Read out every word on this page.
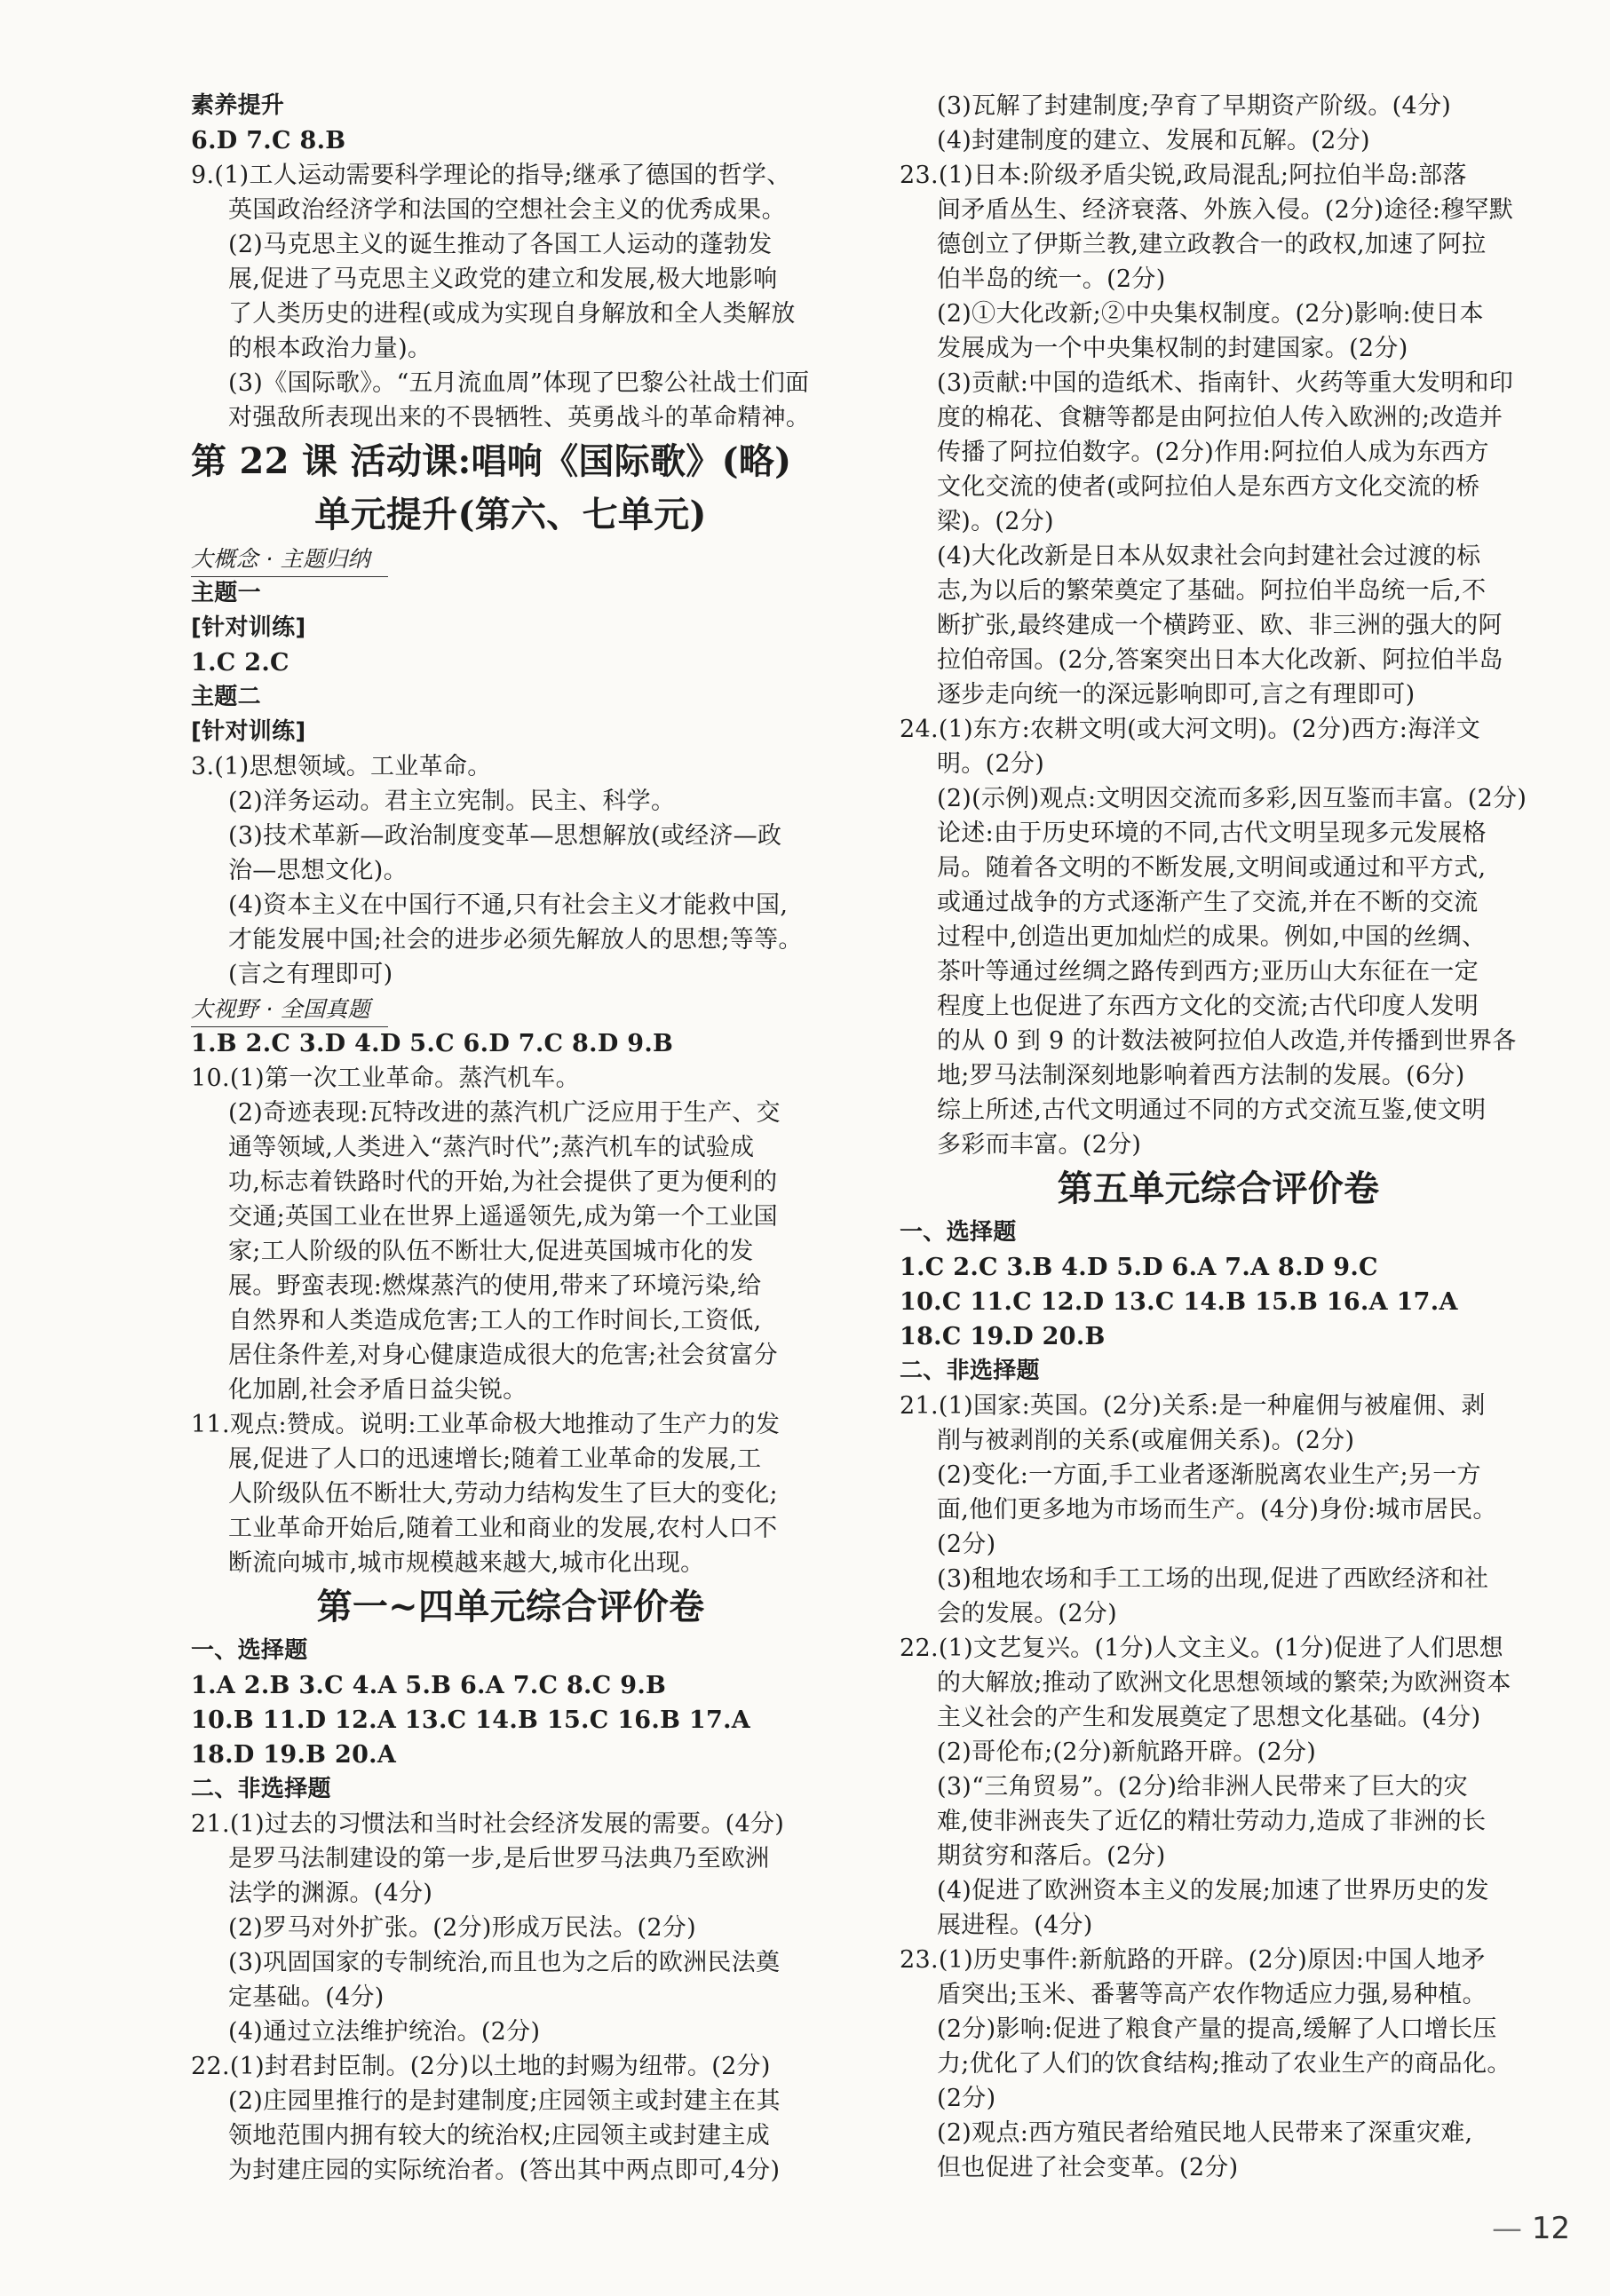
素养提升
6.D 7.C 8.B
9.(1)工人运动需要科学理论的指导;继承了德国的哲学、
英国政治经济学和法国的空想社会主义的优秀成果。
(2)马克思主义的诞生推动了各国工人运动的蓬勃发
展,促进了马克思主义政党的建立和发展,极大地影响
了人类历史的进程(或成为实现自身解放和全人类解放
的根本政治力量)。
(3)《国际歌》。“五月流血周”体现了巴黎公社战士们面
对强敌所表现出来的不畏牺牲、英勇战斗的革命精神。
第 22 课 活动课:唱响《国际歌》(略)
单元提升(第六、七单元)
大概念 · 主题归纳
主题一
[针对训练]
1.C 2.C
主题二
[针对训练]
3.(1)思想领域。工业革命。
(2)洋务运动。君主立宪制。民主、科学。
(3)技术革新—政治制度变革—思想解放(或经济—政
治—思想文化)。
(4)资本主义在中国行不通,只有社会主义才能救中国,
才能发展中国;社会的进步必须先解放人的思想;等等。
(言之有理即可)
大视野 · 全国真题
1.B 2.C 3.D 4.D 5.C 6.D 7.C 8.D 9.B
10.(1)第一次工业革命。蒸汽机车。
(2)奇迹表现:瓦特改进的蒸汽机广泛应用于生产、交
通等领域,人类进入“蒸汽时代”;蒸汽机车的试验成
功,标志着铁路时代的开始,为社会提供了更为便利的
交通;英国工业在世界上遥遥领先,成为第一个工业国
家;工人阶级的队伍不断壮大,促进英国城市化的发
展。野蛮表现:燃煤蒸汽的使用,带来了环境污染,给
自然界和人类造成危害;工人的工作时间长,工资低,
居住条件差,对身心健康造成很大的危害;社会贫富分
化加剧,社会矛盾日益尖锐。
11.观点:赞成。说明:工业革命极大地推动了生产力的发
展,促进了人口的迅速增长;随着工业革命的发展,工
人阶级队伍不断壮大,劳动力结构发生了巨大的变化;
工业革命开始后,随着工业和商业的发展,农村人口不
断流向城市,城市规模越来越大,城市化出现。
第一~四单元综合评价卷
一、选择题
1.A 2.B 3.C 4.A 5.B 6.A 7.C 8.C 9.B
10.B 11.D 12.A 13.C 14.B 15.C 16.B 17.A
18.D 19.B 20.A
二、非选择题
21.(1)过去的习惯法和当时社会经济发展的需要。(4分)
是罗马法制建设的第一步,是后世罗马法典乃至欧洲
法学的渊源。(4分)
(2)罗马对外扩张。(2分)形成万民法。(2分)
(3)巩固国家的专制统治,而且也为之后的欧洲民法奠
定基础。(4分)
(4)通过立法维护统治。(2分)
22.(1)封君封臣制。(2分)以土地的封赐为纽带。(2分)
(2)庄园里推行的是封建制度;庄园领主或封建主在其
领地范围内拥有较大的统治权;庄园领主或封建主成
为封建庄园的实际统治者。(答出其中两点即可,4分)
(3)瓦解了封建制度;孕育了早期资产阶级。(4分)
(4)封建制度的建立、发展和瓦解。(2分)
23.(1)日本:阶级矛盾尖锐,政局混乱;阿拉伯半岛:部落
间矛盾丛生、经济衰落、外族入侵。(2分)途径:穆罕默
德创立了伊斯兰教,建立政教合一的政权,加速了阿拉
伯半岛的统一。(2分)
(2)①大化改新;②中央集权制度。(2分)影响:使日本
发展成为一个中央集权制的封建国家。(2分)
(3)贡献:中国的造纸术、指南针、火药等重大发明和印
度的棉花、食糖等都是由阿拉伯人传入欧洲的;改造并
传播了阿拉伯数字。(2分)作用:阿拉伯人成为东西方
文化交流的使者(或阿拉伯人是东西方文化交流的桥
梁)。(2分)
(4)大化改新是日本从奴隶社会向封建社会过渡的标
志,为以后的繁荣奠定了基础。阿拉伯半岛统一后,不
断扩张,最终建成一个横跨亚、欧、非三洲的强大的阿
拉伯帝国。(2分,答案突出日本大化改新、阿拉伯半岛
逐步走向统一的深远影响即可,言之有理即可)
24.(1)东方:农耕文明(或大河文明)。(2分)西方:海洋文
明。(2分)
(2)(示例)观点:文明因交流而多彩,因互鉴而丰富。(2分)
论述:由于历史环境的不同,古代文明呈现多元发展格
局。随着各文明的不断发展,文明间或通过和平方式,
或通过战争的方式逐渐产生了交流,并在不断的交流
过程中,创造出更加灿烂的成果。例如,中国的丝绸、
茶叶等通过丝绸之路传到西方;亚历山大东征在一定
程度上也促进了东西方文化的交流;古代印度人发明
的从 0 到 9 的计数法被阿拉伯人改造,并传播到世界各
地;罗马法制深刻地影响着西方法制的发展。(6分)
综上所述,古代文明通过不同的方式交流互鉴,使文明
多彩而丰富。(2分)
第五单元综合评价卷
一、选择题
1.C 2.C 3.B 4.D 5.D 6.A 7.A 8.D 9.C
10.C 11.C 12.D 13.C 14.B 15.B 16.A 17.A
18.C 19.D 20.B
二、非选择题
21.(1)国家:英国。(2分)关系:是一种雇佣与被雇佣、剥
削与被剥削的关系(或雇佣关系)。(2分)
(2)变化:一方面,手工业者逐渐脱离农业生产;另一方
面,他们更多地为市场而生产。(4分)身份:城市居民。
(2分)
(3)租地农场和手工工场的出现,促进了西欧经济和社
会的发展。(2分)
22.(1)文艺复兴。(1分)人文主义。(1分)促进了人们思想
的大解放;推动了欧洲文化思想领域的繁荣;为欧洲资本
主义社会的产生和发展奠定了思想文化基础。(4分)
(2)哥伦布;(2分)新航路开辟。(2分)
(3)“三角贸易”。(2分)给非洲人民带来了巨大的灾
难,使非洲丧失了近亿的精壮劳动力,造成了非洲的长
期贫穷和落后。(2分)
(4)促进了欧洲资本主义的发展;加速了世界历史的发
展进程。(4分)
23.(1)历史事件:新航路的开辟。(2分)原因:中国人地矛
盾突出;玉米、番薯等高产农作物适应力强,易种植。
(2分)影响:促进了粮食产量的提高,缓解了人口增长压
力;优化了人们的饮食结构;推动了农业生产的商品化。
(2分)
(2)观点:西方殖民者给殖民地人民带来了深重灾难,
但也促进了社会变革。(2分)
— 12
